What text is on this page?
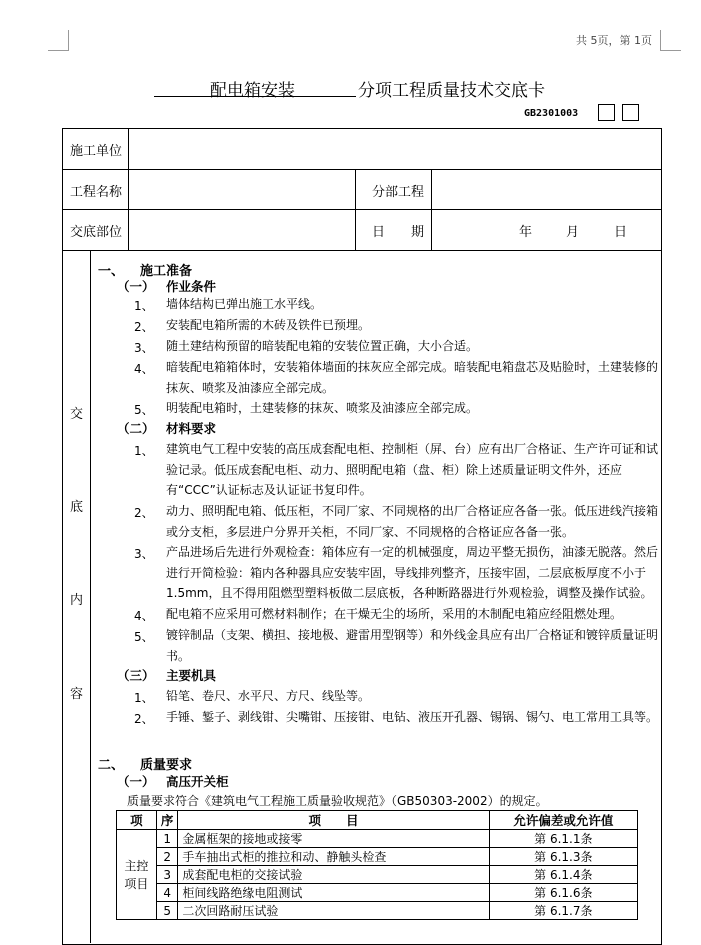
共 5页，第 1页
配电箱安装	分项工程质量技术交底卡
GB2301003
施工单位
工程名称	分部工程
交底部位	日　　期	年	月	日
交
底
内
容
一、 施工准备
（一） 作业条件
1、 墙体结构已弹出施工水平线。
2、 安装配电箱所需的木砖及铁件已预埋。
3、 随土建结构预留的暗装配电箱的安装位置正确，大小合适。
4、 暗装配电箱箱体时，安装箱体墙面的抹灰应全部完成。暗装配电箱盘芯及贴脸时，土建装修的抹灰、喷浆及油漆应全部完成。
5、 明装配电箱时，土建装修的抹灰、喷浆及油漆应全部完成。
（二） 材料要求
1、 建筑电气工程中安装的高压成套配电柜、控制柜（屏、台）应有出厂合格证、生产许可证和试验记录。低压成套配电柜、动力、照明配电箱（盘、柜）除上述质量证明文件外，还应有“CCC”认证标志及认证证书复印件。
2、 动力、照明配电箱、低压柜，不同厂家、不同规格的出厂合格证应各备一张。低压进线汽接箱或分支柜，多层进户分界开关柜，不同厂家、不同规格的合格证应各备一张。
3、 产品进场后先进行外观检查：箱体应有一定的机械强度，周边平整无损伤，油漆无脱落。然后进行开简检验：箱内各种器具应安装牢固，导线排列整齐，压接牢固，二层底板厚度不小于1.5mm，且不得用阻燃型塑料板做二层底板，各种断路器进行外观检验，调整及操作试验。
4、 配电箱不应采用可燃材料制作；在干燥无尘的场所，采用的木制配电箱应经阻燃处理。
5、 镀锌制品（支架、横担、接地极、避雷用型钢等）和外线金具应有出厂合格证和镀锌质量证明书。
（三） 主要机具
1、 铅笔、卷尺、水平尺、方尺、线坠等。
2、 手锤、錾子、剥线钳、尖嘴钳、压接钳、电钻、液压开孔器、锡锅、锡勺、电工常用工具等。
二、 质量要求
（一） 高压开关柜
质量要求符合《建筑电气工程施工质量验收规范》（GB50303-2002）的规定。
项	序	项　　目	允许偏差或允许值
主控项目	1	金属框架的接地或接零	第 6.1.1条
	2	手车抽出式柜的推拉和动、静触头检查	第 6.1.3条
	3	成套配电柜的交接试验	第 6.1.4条
	4	柜间线路绝缘电阻测试	第 6.1.6条
	5	二次回路耐压试验	第 6.1.7条
